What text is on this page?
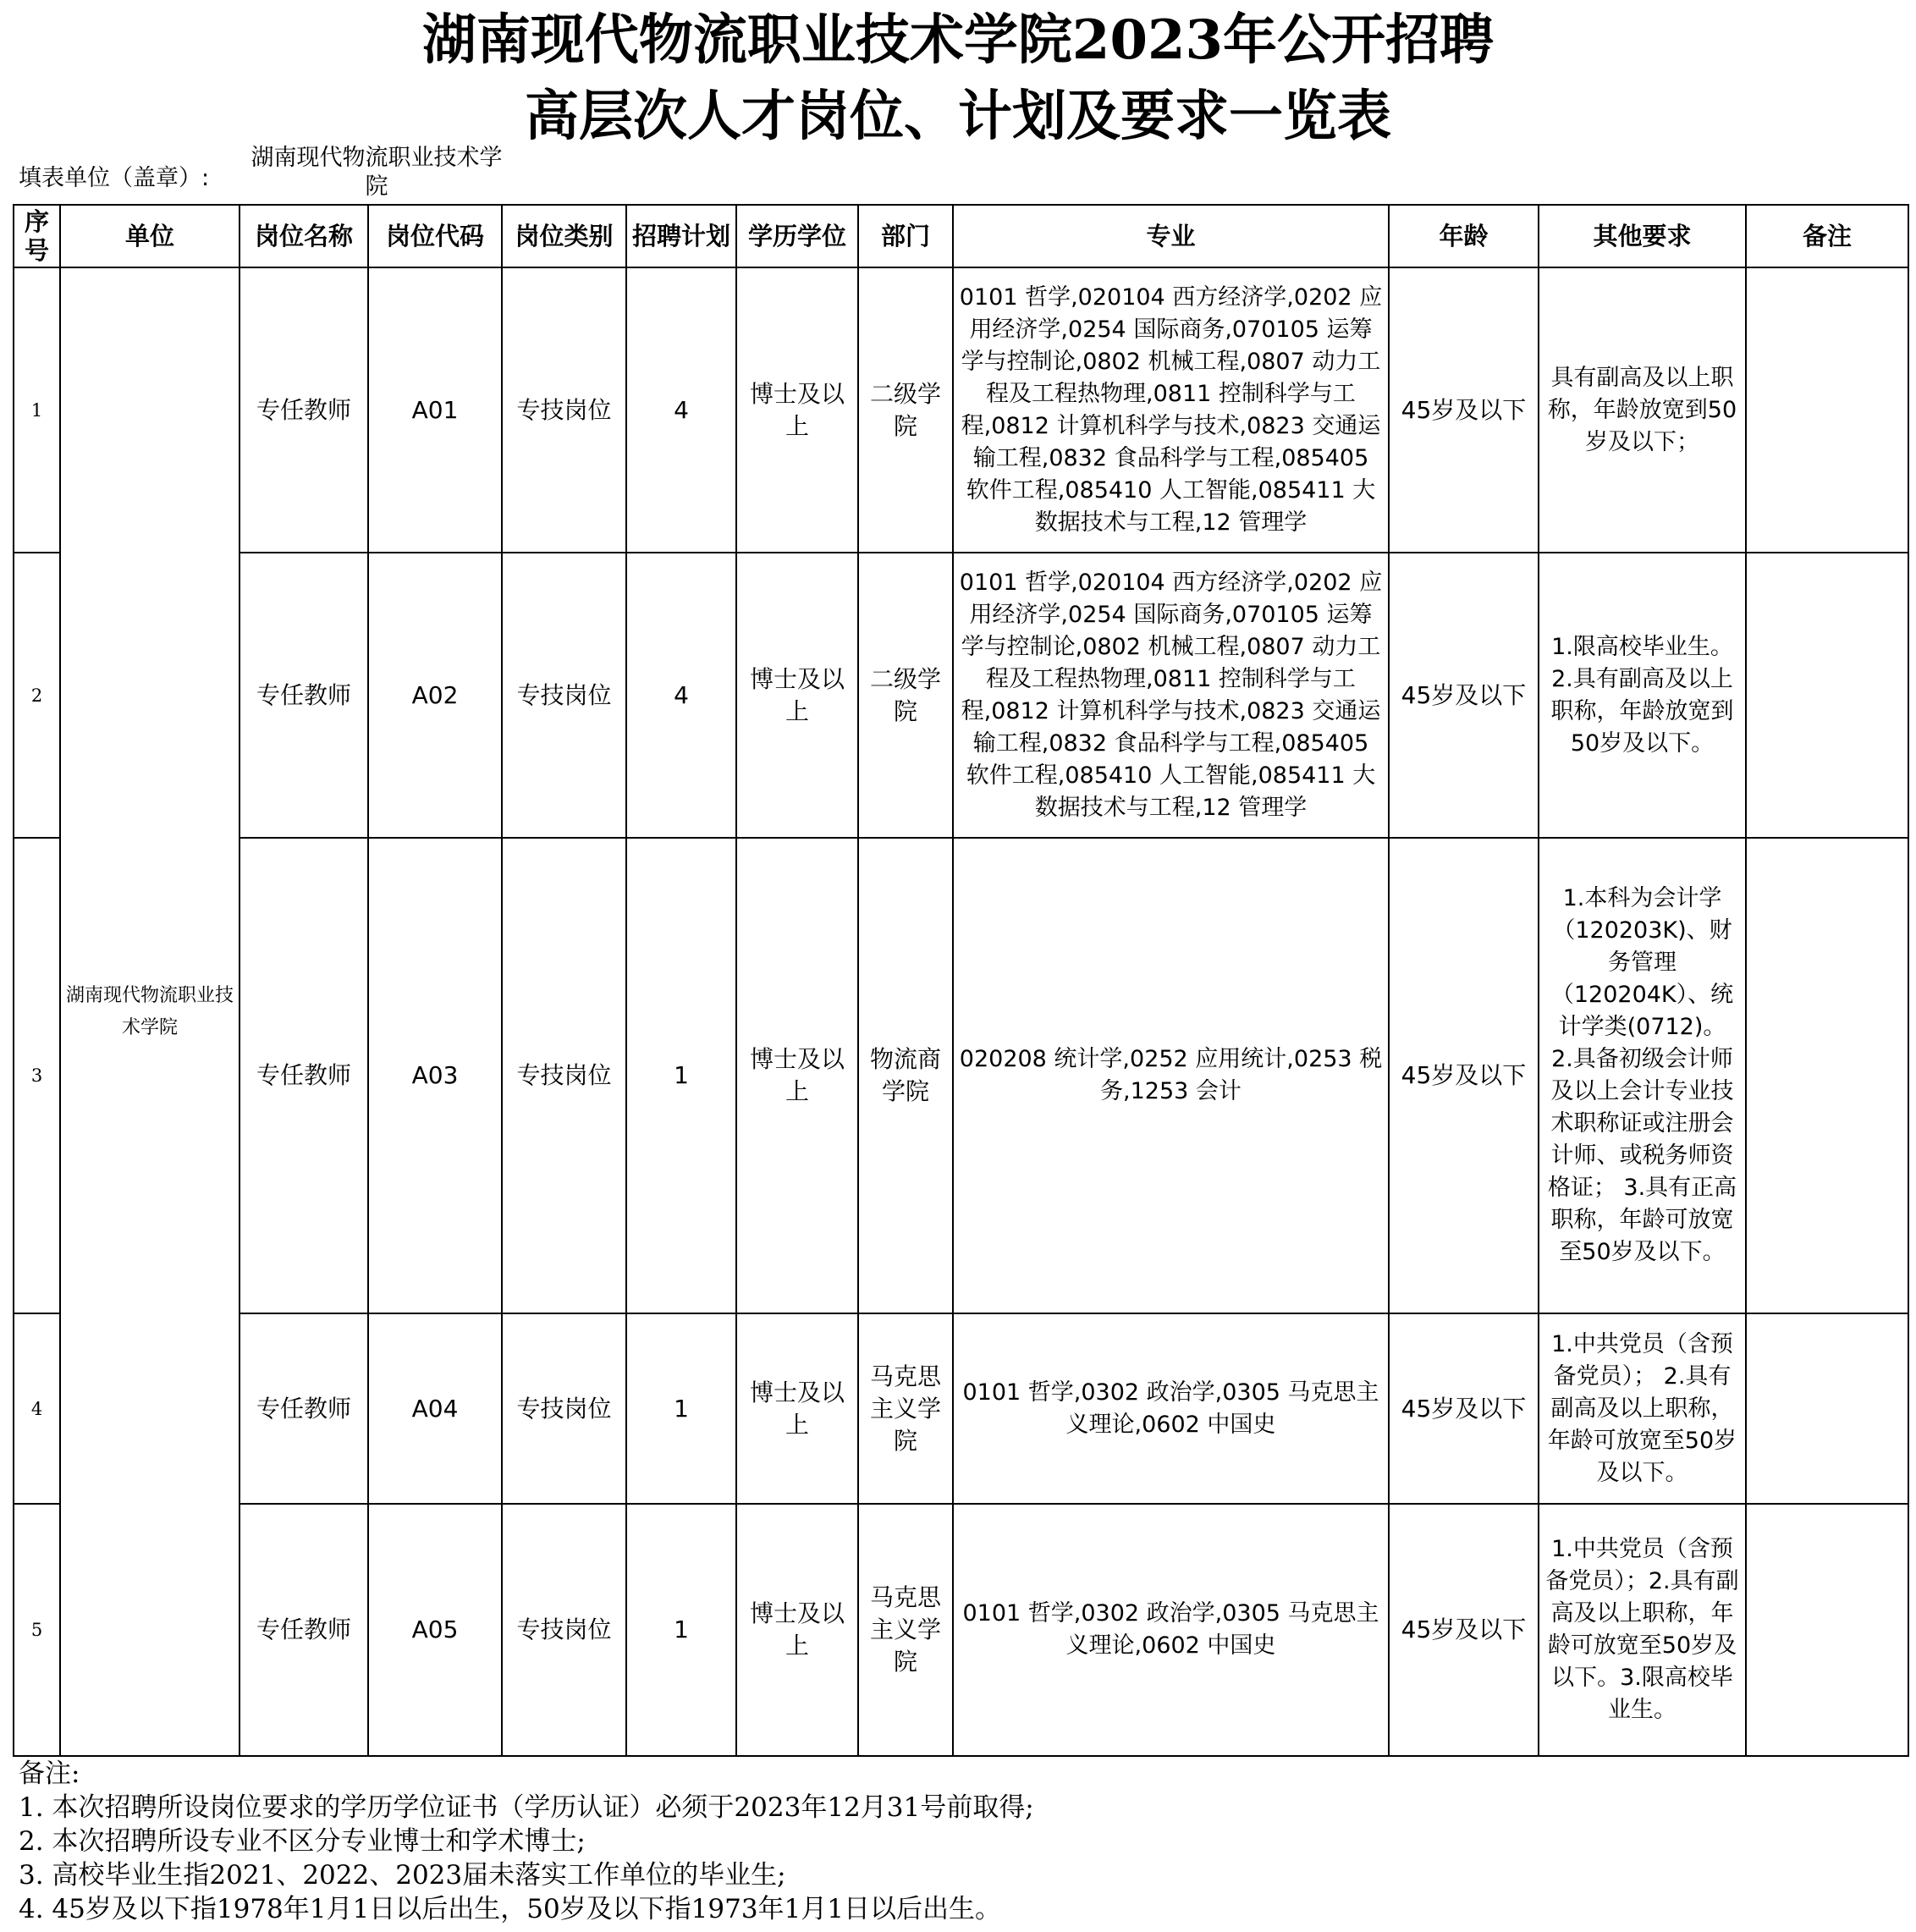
湖南现代物流职业技术学院2023年公开招聘
高层次人才岗位、计划及要求一览表
填表单位（盖章）:
湖南现代物流职业技术学院
序号	单位	岗位名称	岗位代码	岗位类别	招聘计划	学历学位	部门	专业	年龄	其他要求	备注
1	湖南现代物流职业技术学院	专任教师	A01	专技岗位	4	博士及以上	二级学院	0101 哲学,020104 西方经济学,0202 应用经济学,0254 国际商务,070105 运筹学与控制论,0802 机械工程,0807 动力工程及工程热物理,0811 控制科学与工程,0812 计算机科学与技术,0823 交通运输工程,0832 食品科学与工程,085405 软件工程,085410 人工智能,085411 大数据技术与工程,12 管理学	45岁及以下	具有副高及以上职称，年龄放宽到50岁及以下；	
2		专任教师	A02	专技岗位	4	博士及以上	二级学院	0101 哲学,020104 西方经济学,0202 应用经济学,0254 国际商务,070105 运筹学与控制论,0802 机械工程,0807 动力工程及工程热物理,0811 控制科学与工程,0812 计算机科学与技术,0823 交通运输工程,0832 食品科学与工程,085405 软件工程,085410 人工智能,085411 大数据技术与工程,12 管理学	45岁及以下	1.限高校毕业生。2.具有副高及以上职称，年龄放宽到50岁及以下。	
3		专任教师	A03	专技岗位	1	博士及以上	物流商学院	020208 统计学,0252 应用统计,0253 税务,1253 会计	45岁及以下	1.本科为会计学（120203K)、财务管理（120204K）、统计学类(0712)。 2.具备初级会计师及以上会计专业技术职称证或注册会计师、或税务师资格证； 3.具有正高职称，年龄可放宽至50岁及以下。	
4		专任教师	A04	专技岗位	1	博士及以上	马克思主义学院	0101 哲学,0302 政治学,0305 马克思主义理论,0602 中国史	45岁及以下	1.中共党员（含预备党员）； 2.具有副高及以上职称，年龄可放宽至50岁及以下。	
5		专任教师	A05	专技岗位	1	博士及以上	马克思主义学院	0101 哲学,0302 政治学,0305 马克思主义理论,0602 中国史	45岁及以下	1.中共党员（含预备党员）；2.具有副高及以上职称，年龄可放宽至50岁及以下。3.限高校毕业生。	
备注:
1. 本次招聘所设岗位要求的学历学位证书（学历认证）必须于2023年12月31号前取得;
2. 本次招聘所设专业不区分专业博士和学术博士;
3. 高校毕业生指2021、2022、2023届未落实工作单位的毕业生;
4. 45岁及以下指1978年1月1日以后出生，50岁及以下指1973年1月1日以后出生。
